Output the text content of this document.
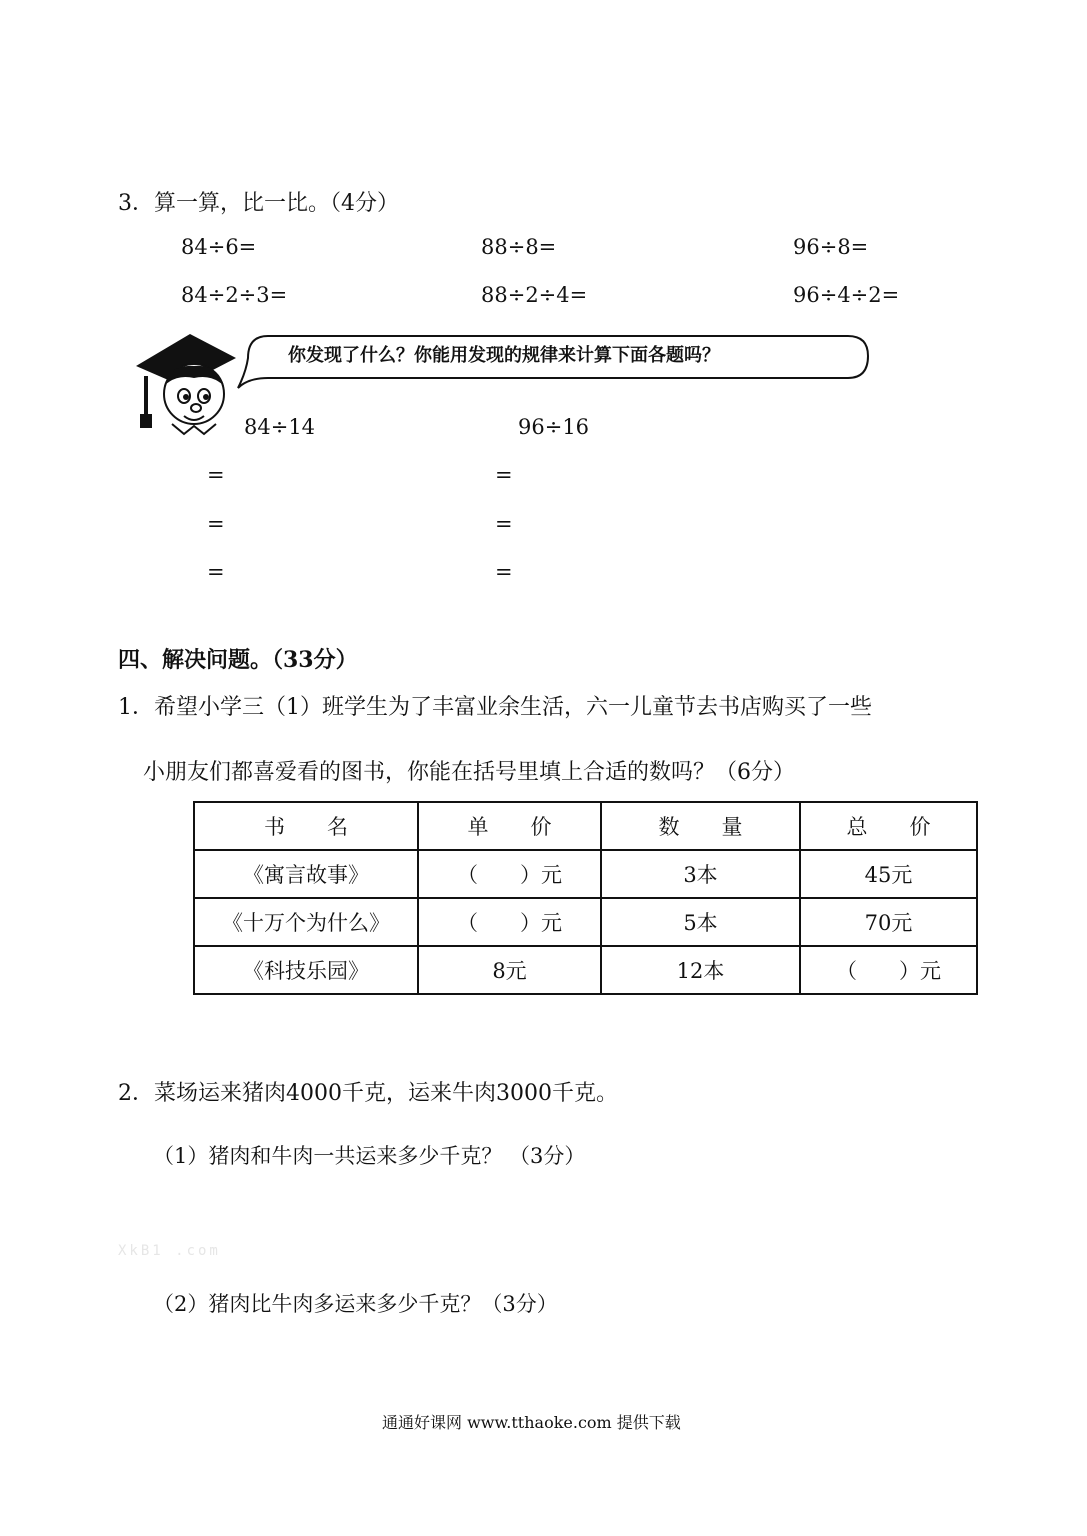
3．算一算，比一比。（4分）
84÷6=	88÷8=	96÷8=
84÷2÷3=	88÷2÷4=	96÷4÷2=
你发现了什么？你能用发现的规律来计算下面各题吗？
84÷14	96÷16
=	=
=	=
=	=
四、解决问题。（33分）
1．希望小学三（1）班学生为了丰富业余生活，六一儿童节去书店购买了一些
小朋友们都喜爱看的图书，你能在括号里填上合适的数吗？（6分）
书　　名	单　　价	数　　量	总　　价
《寓言故事》	（　　）元	3本	45元
《十万个为什么》	（　　）元	5本	70元
《科技乐园》	8元	12本	（　　）元
2．菜场运来猪肉4000千克，运来牛肉3000千克。
（1）猪肉和牛肉一共运来多少千克？ （3分）
XkB1 .com
（2）猪肉比牛肉多运来多少千克？（3分）
通通好课网 www.tthaoke.com 提供下载
